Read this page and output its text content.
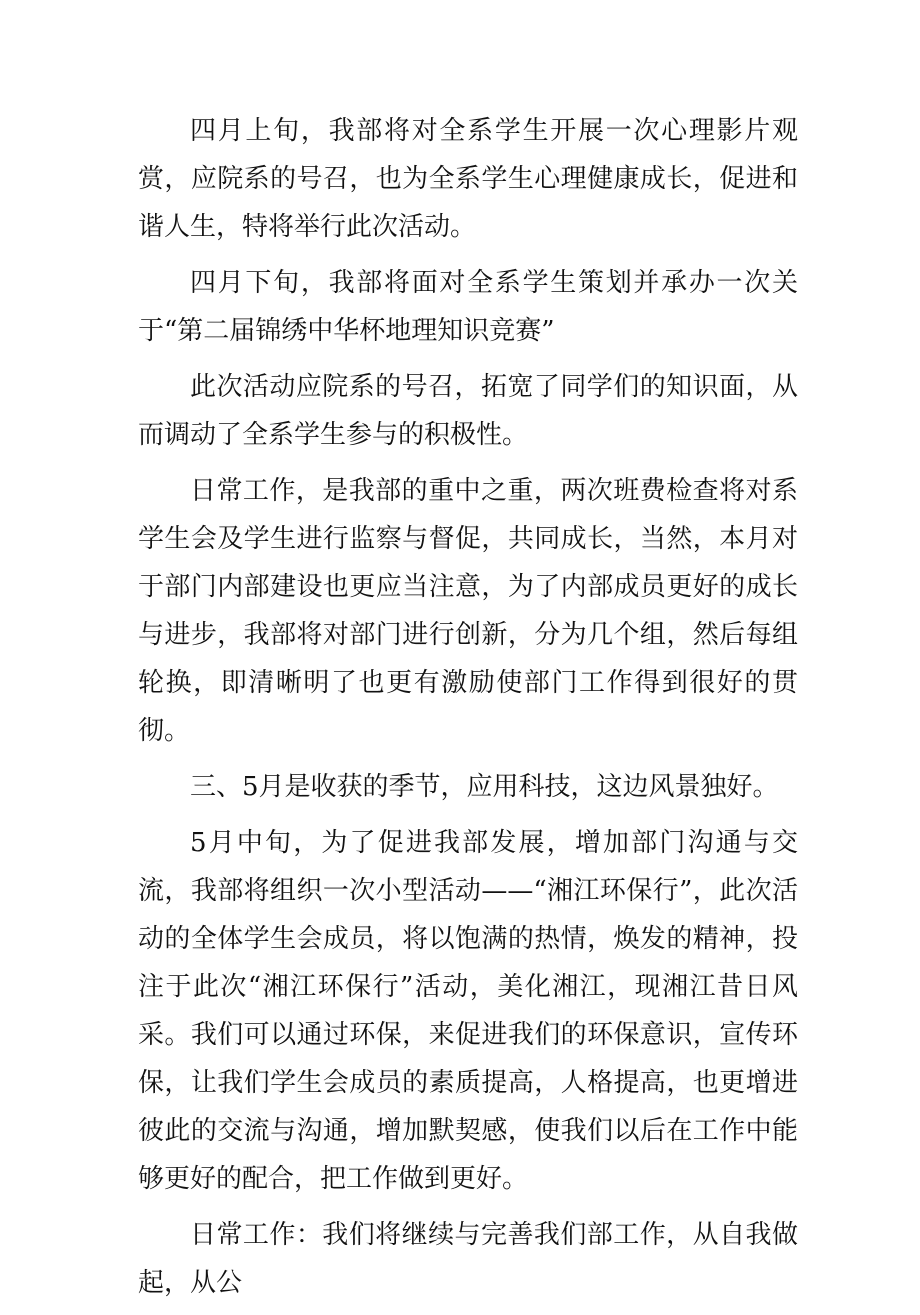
四月上旬，我部将对全系学生开展一次心理影片观赏，应院系的号召，也为全系学生心理健康成长，促进和谐人生，特将举行此次活动。

四月下旬，我部将面对全系学生策划并承办一次关于“第二届锦绣中华杯地理知识竞赛”

此次活动应院系的号召，拓宽了同学们的知识面，从而调动了全系学生参与的积极性。

日常工作，是我部的重中之重，两次班费检查将对系学生会及学生进行监察与督促，共同成长，当然，本月对于部门内部建设也更应当注意，为了内部成员更好的成长与进步，我部将对部门进行创新，分为几个组，然后每组轮换，即清晰明了也更有激励使部门工作得到很好的贯彻。

三、5月是收获的季节，应用科技，这边风景独好。

5月中旬，为了促进我部发展，增加部门沟通与交流，我部将组织一次小型活动——“湘江环保行”，此次活动的全体学生会成员，将以饱满的热情，焕发的精神，投注于此次“湘江环保行”活动，美化湘江，现湘江昔日风采。我们可以通过环保，来促进我们的环保意识，宣传环保，让我们学生会成员的素质提高，人格提高，也更增进彼此的交流与沟通，增加默契感，使我们以后在工作中能够更好的配合，把工作做到更好。

日常工作：我们将继续与完善我们部工作，从自我做起，从公
